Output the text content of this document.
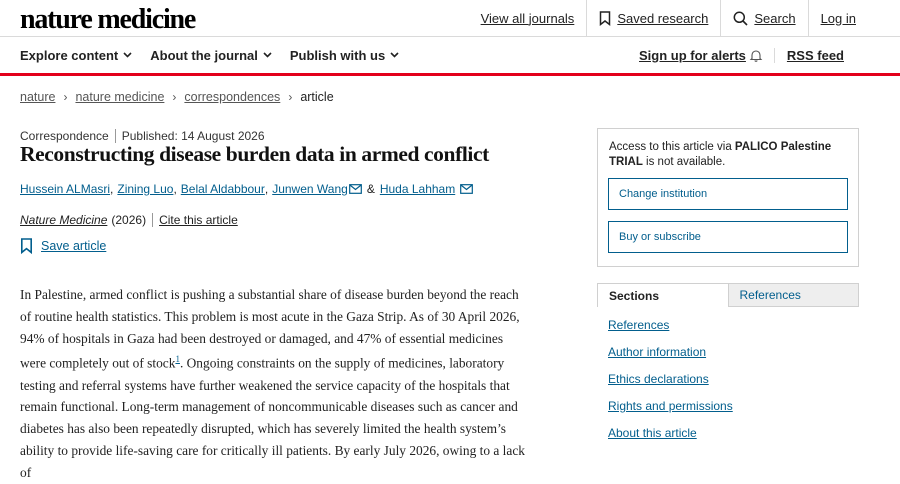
nature medicine	View all journals	Saved research	Search Log in
Explore content About the journal Publish with us	Sign up for alerts	RSS feed
nature › nature medicine › correspondences › article
Correspondence Published: 14 August 2026
Reconstructing disease burden data in armed conflict
Hussein ALMasri , Zining Luo , Belal Aldabbour , Junwen Wang & Huda Lahham
Nature Medicine (2026) Cite this article
Save article

In Palestine, armed conflict is pushing a substantial share of disease burden beyond the reach of routine health statistics. This problem is most acute in the Gaza Strip. As of 30 April 2026, 94% of hospitals in Gaza had been destroyed or damaged, and 47% of essential medicines were completely out of stock$^1$. Ongoing constraints on the supply of medicines, laboratory testing and referral systems have further weakened the service capacity of the hospitals that remain functional. Long-term management of noncommunicable diseases such as cancer and diabetes has also been repeatedly disrupted, which has severely limited the health system’s ability to provide life-saving care for critically ill patients. By early July 2026, owing to a lack of

Access to this article via PALICO Palestine TRIAL is not available.
Change institution
Buy or subscribe
Sections	References
References
Author information
Ethics declarations
Rights and permissions
About this article
